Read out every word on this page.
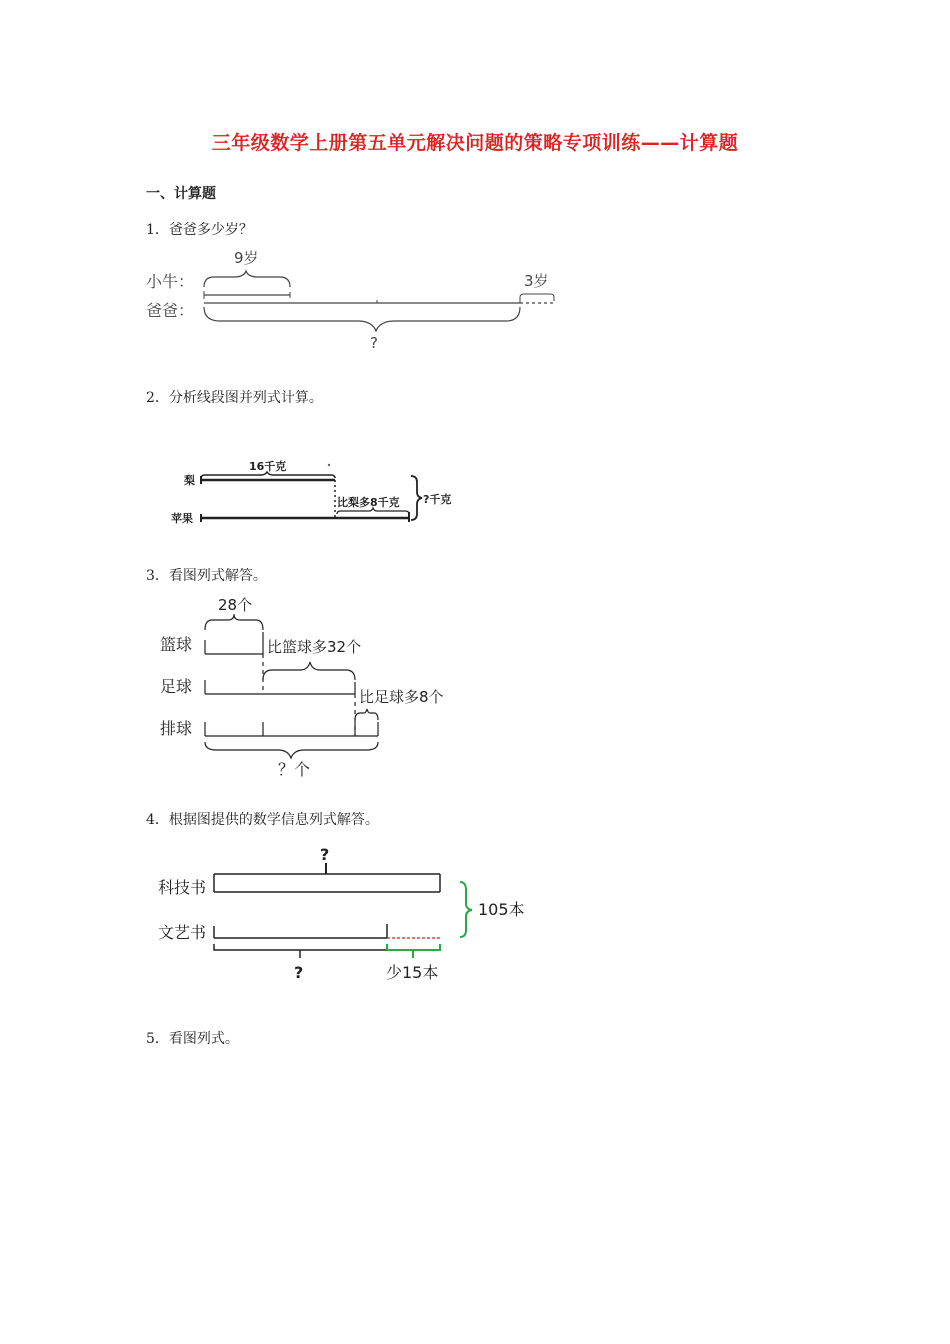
三年级数学上册第五单元解决问题的策略专项训练——计算题
一、计算题
1．爸爸多少岁？
小牛：
爸爸：
9岁
3岁
?
2．分析线段图并列式计算。
梨
苹果
16千克
比梨多8千克 ?千克
3．看图列式解答。
28个
篮球	比篮球多32个
足球
比足球多8个
排球
？个
4．根据图提供的数学信息列式解答。
?
科技书
文艺书
105本
?	少15本
5．看图列式。
